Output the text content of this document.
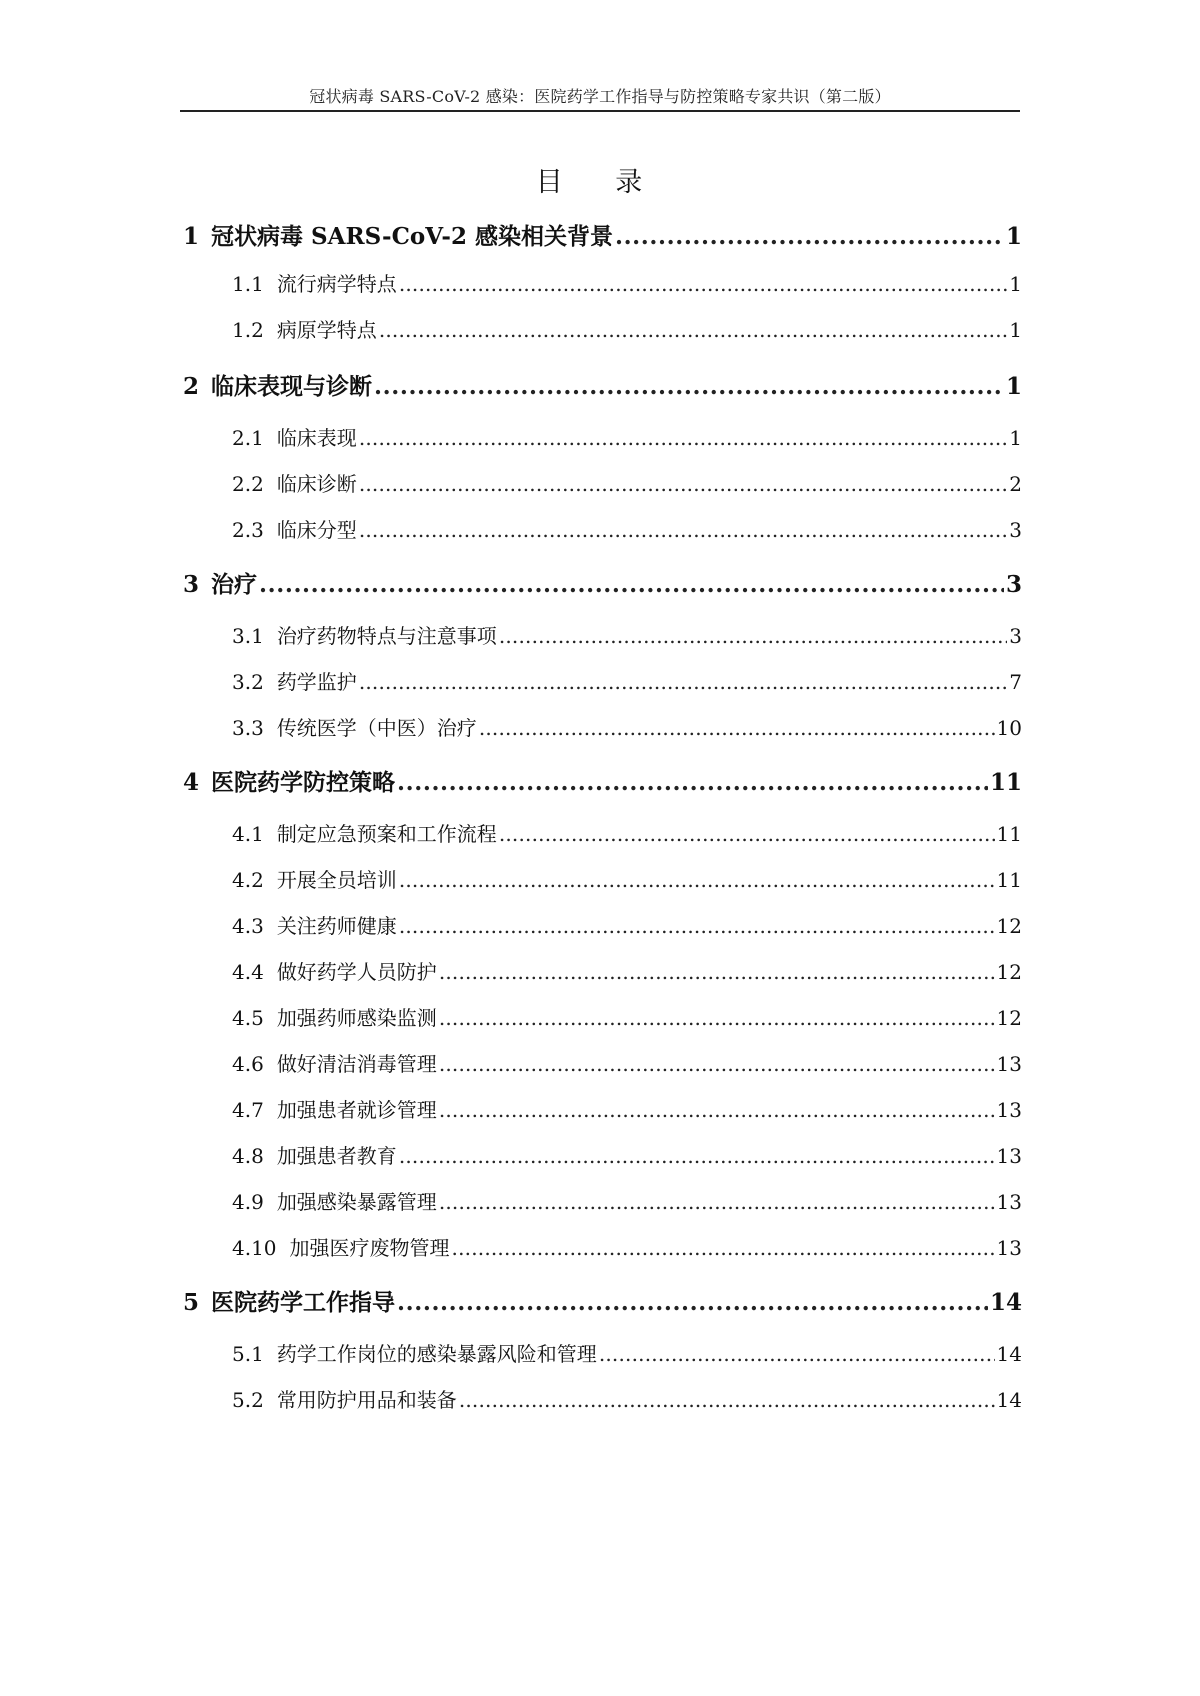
冠状病毒 SARS-CoV-2 感染：医院药学工作指导与防控策略专家共识（第二版）
目 录
1 冠状病毒 SARS-CoV-2 感染相关背景 .....	1
1.1 流行病学特点 .....	1
1.2 病原学特点 .....	1
2 临床表现与诊断 .....	1
2.1 临床表现 .....	1
2.2 临床诊断 .....	2
2.3 临床分型 .....	3
3 治疗 .....	3
3.1 治疗药物特点与注意事项 .....	3
3.2 药学监护 .....	7
3.3 传统医学（中医）治疗 .....	10
4 医院药学防控策略 .....	11
4.1 制定应急预案和工作流程 .....	11
4.2 开展全员培训 .....	11
4.3 关注药师健康 .....	12
4.4 做好药学人员防护 .....	12
4.5 加强药师感染监测 .....	12
4.6 做好清洁消毒管理 .....	13
4.7 加强患者就诊管理 .....	13
4.8 加强患者教育 .....	13
4.9 加强感染暴露管理 .....	13
4.10 加强医疗废物管理 .....	13
5 医院药学工作指导 .....	14
5.1 药学工作岗位的感染暴露风险和管理 .....	14
5.2 常用防护用品和装备 .....	14
